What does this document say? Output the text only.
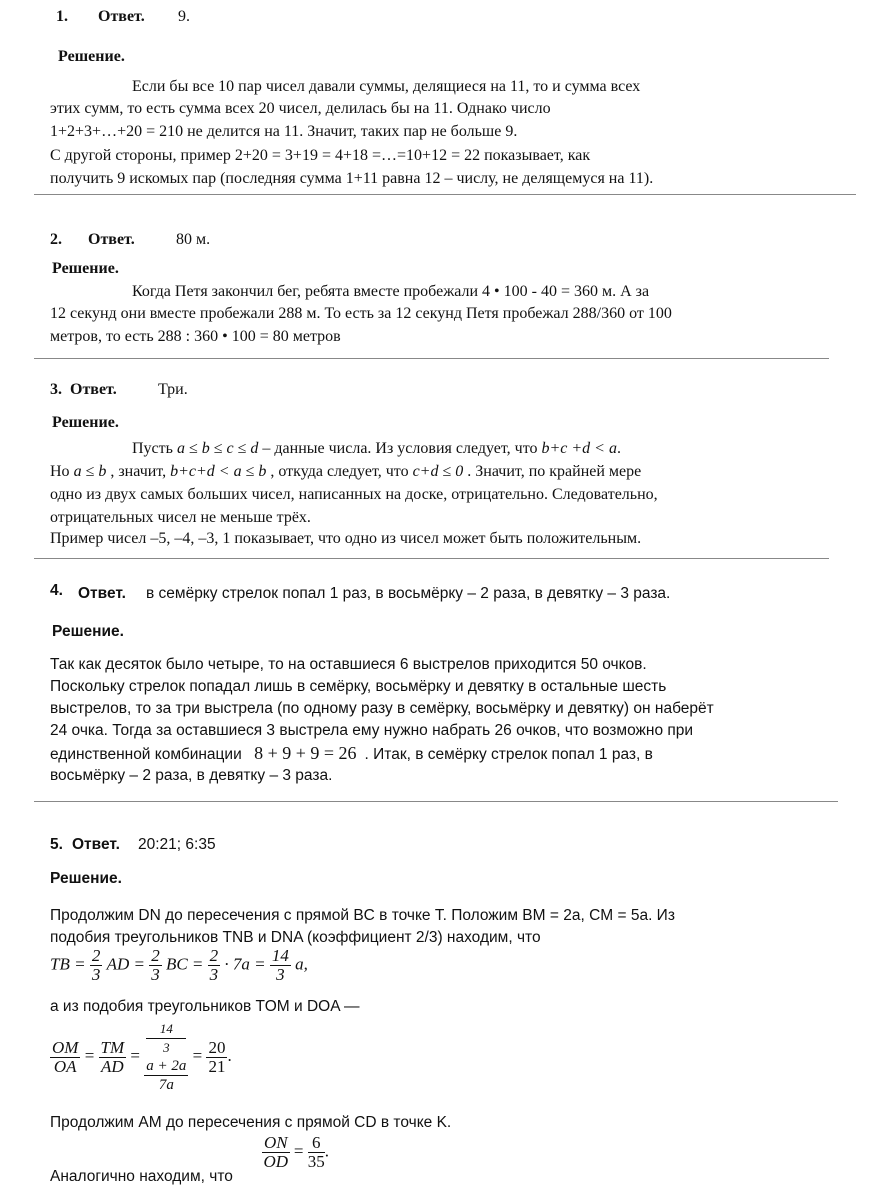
1. Ответ. 9.
Решение.
Если бы все 10 пар чисел давали суммы, делящиеся на 11, то и сумма всех
этих сумм, то есть сумма всех 20 чисел, делилась бы на 11. Однако число
1+2+3+…+20 = 210 не делится на 11. Значит, таких пар не больше 9.
С другой стороны, пример 2+20 = 3+19 = 4+18 =…=10+12 = 22 показывает, как
получить 9 искомых пар (последняя сумма 1+11 равна 12 – числу, не делящемуся на 11).
2. Ответ.	80 м.
Решение.
Когда Петя закончил бег, ребята вместе пробежали 4 • 100 - 40 = 360 м. А за
12 секунд они вместе пробежали 288 м. То есть за 12 секунд Петя пробежал 288/360 от 100
метров, то есть 288 : 360 • 100 = 80 метров
3. Ответ.	Три.
Решение.
Пусть a ≤ b ≤ c ≤ d – данные числа. Из условия следует, что b+c +d < a.
Но a ≤ b , значит, b+c+d < a ≤ b , откуда следует, что c+d ≤ 0 . Значит, по крайней мере
одно из двух самых больших чисел, написанных на доске, отрицательно. Следовательно,
отрицательных чисел не меньше трёх.
Пример чисел –5, –4, –3, 1 показывает, что одно из чисел может быть положительным.
4. Ответ. в семёрку стрелок попал 1 раз, в восьмёрку – 2 раза, в девятку – 3 раза.
Решение.
Так как десяток было четыре, то на оставшиеся 6 выстрелов приходится 50 очков.
Поскольку стрелок попадал лишь в семёрку, восьмёрку и девятку в остальные шесть
выстрелов, то за три выстрела (по одному разу в семёрку, восьмёрку и девятку) он наберёт
24 очка. Тогда за оставшиеся 3 выстрела ему нужно набрать 26 очков, что возможно при
единственной комбинации 8 + 9 + 9 = 26 . Итак, в семёрку стрелок попал 1 раз, в
восьмёрку – 2 раза, в девятку – 3 раза.
5. Ответ. 20:21; 6:35
Решение.
Продолжим DN до пересечения с прямой BC в точке T. Положим BM = 2a, CM = 5a. Из
подобия треугольников TNB и DNA (коэффициент 2/3) находим, что
TB = $\frac{2}{3}$ AD = $\frac{2}{3}$ BC = $\frac{2}{3} \cdot 7a = \frac{14}{3} a$,
а из подобия треугольников TOM и DOA —
$\frac{OM}{OA} = \frac{TM}{AD} = 14$
3
a + 2a
$7a = \frac{20}{21}$ .
Продолжим AM до пересечения с прямой CD в точке K.
Аналогично находим, что
$\frac{ON}{OD} = \frac{6}{35}$ .
